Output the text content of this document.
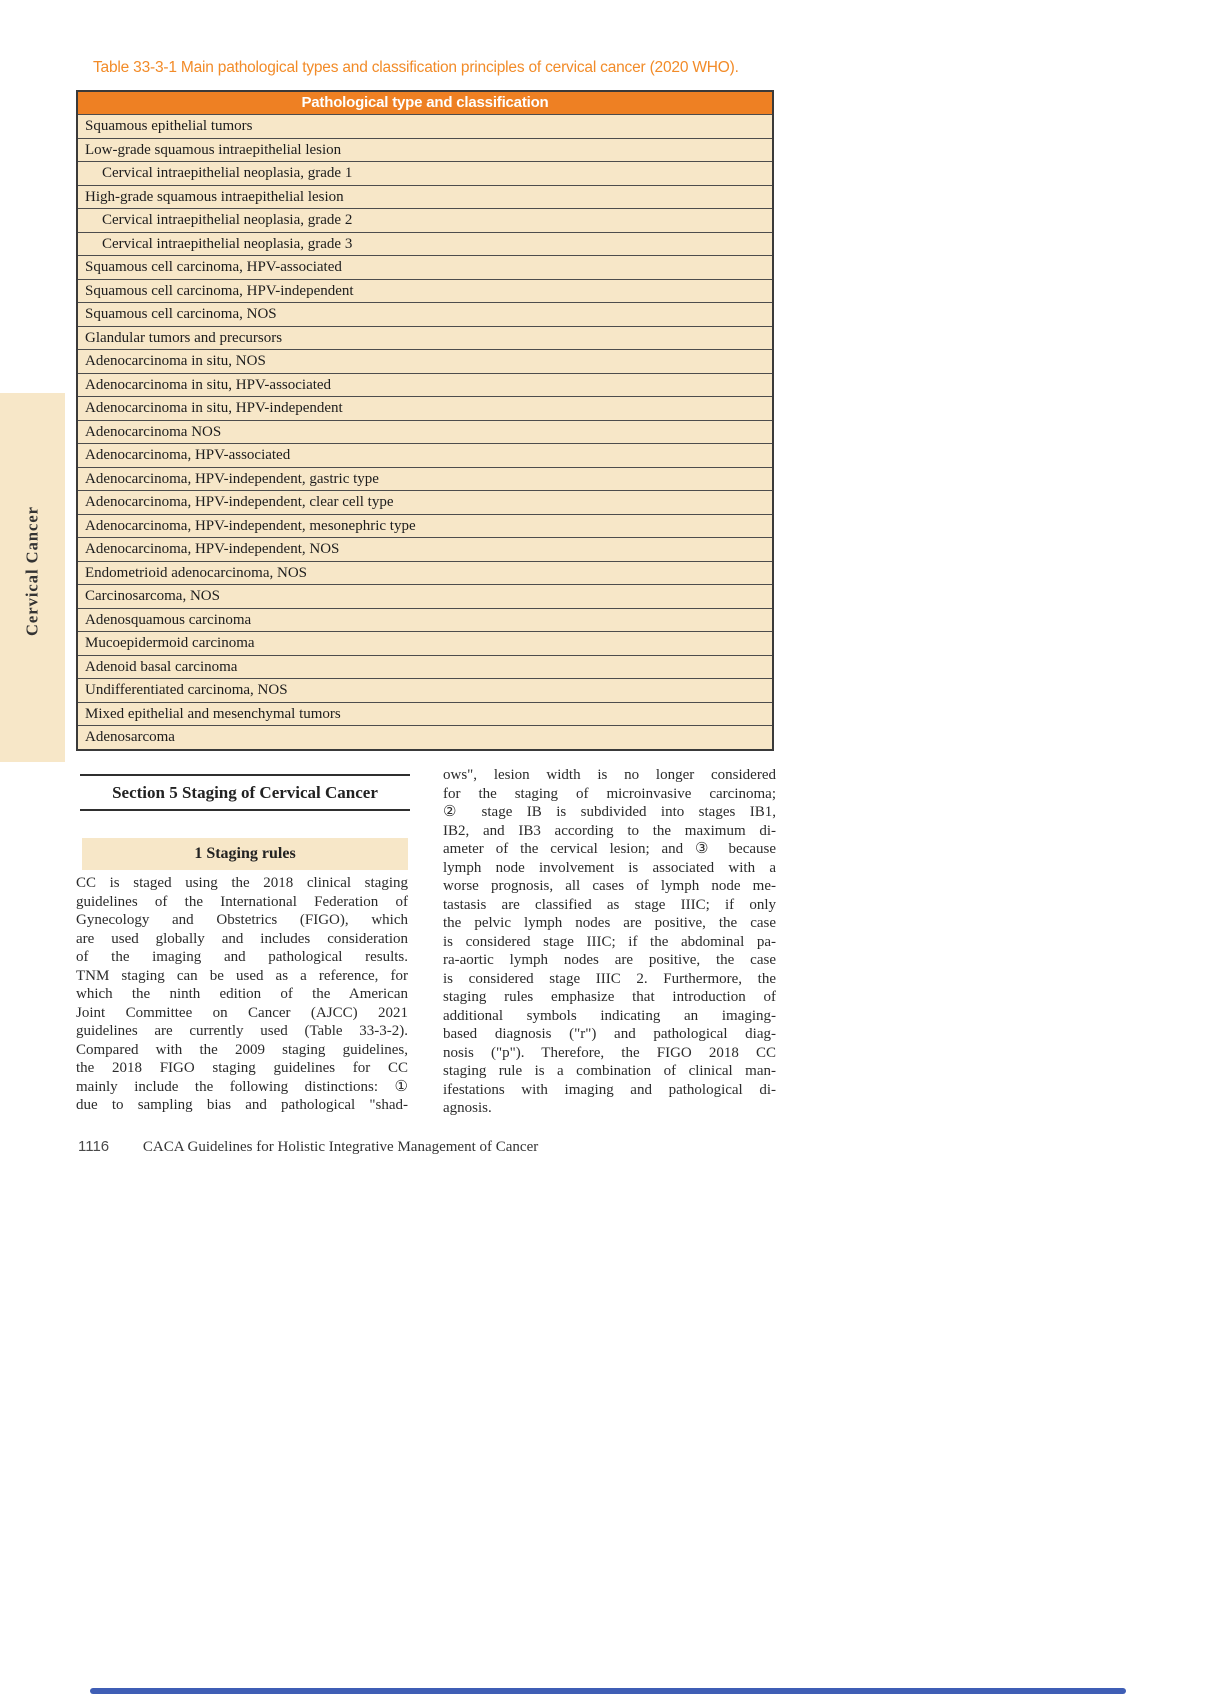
Table 33-3-1 Main pathological types and classification principles of cervical cancer (2020 WHO).
Pathological type and classification
Squamous epithelial tumors
Low-grade squamous intraepithelial lesion
Cervical intraepithelial neoplasia, grade 1
High-grade squamous intraepithelial lesion
Cervical intraepithelial neoplasia, grade 2
Cervical intraepithelial neoplasia, grade 3
Squamous cell carcinoma, HPV-associated
Squamous cell carcinoma, HPV-independent
Squamous cell carcinoma, NOS
Glandular tumors and precursors
Adenocarcinoma in situ, NOS
Adenocarcinoma in situ, HPV-associated
Adenocarcinoma in situ, HPV-independent
Adenocarcinoma NOS
Adenocarcinoma, HPV-associated
Adenocarcinoma, HPV-independent, gastric type
Adenocarcinoma, HPV-independent, clear cell type
Adenocarcinoma, HPV-independent, mesonephric type
Adenocarcinoma, HPV-independent, NOS
Endometrioid adenocarcinoma, NOS
Carcinosarcoma, NOS
Adenosquamous carcinoma
Mucoepidermoid carcinoma
Adenoid basal carcinoma
Undifferentiated carcinoma, NOS
Mixed epithelial and mesenchymal tumors
Adenosarcoma
Cervical Cancer
Section 5 Staging of Cervical Cancer
1 Staging rules
CC is staged using the 2018 clinical staging
guidelines of the International Federation of
Gynecology and Obstetrics (FIGO), which
are used globally and includes consideration
of the imaging and pathological results.
TNM staging can be used as a reference, for
which the ninth edition of the American
Joint Committee on Cancer (AJCC) 2021
guidelines are currently used (Table 33-3-2).
Compared with the 2009 staging guidelines,
the 2018 FIGO staging guidelines for CC
mainly include the following distinctions: ①
due to sampling bias and pathological "shad-
ows", lesion width is no longer considered
for the staging of microinvasive carcinoma;
② stage IB is subdivided into stages IB1,
IB2, and IB3 according to the maximum di-
ameter of the cervical lesion; and ③ because
lymph node involvement is associated with a
worse prognosis, all cases of lymph node me-
tastasis are classified as stage IIIC; if only
the pelvic lymph nodes are positive, the case
is considered stage IIIC; if the abdominal pa-
ra-aortic lymph nodes are positive, the case
is considered stage IIIC 2. Furthermore, the
staging rules emphasize that introduction of
additional symbols indicating an imaging-
based diagnosis ("r") and pathological diag-
nosis ("p"). Therefore, the FIGO 2018 CC
staging rule is a combination of clinical man-
ifestations with imaging and pathological di-
agnosis.
1116 CACA Guidelines for Holistic Integrative Management of Cancer
